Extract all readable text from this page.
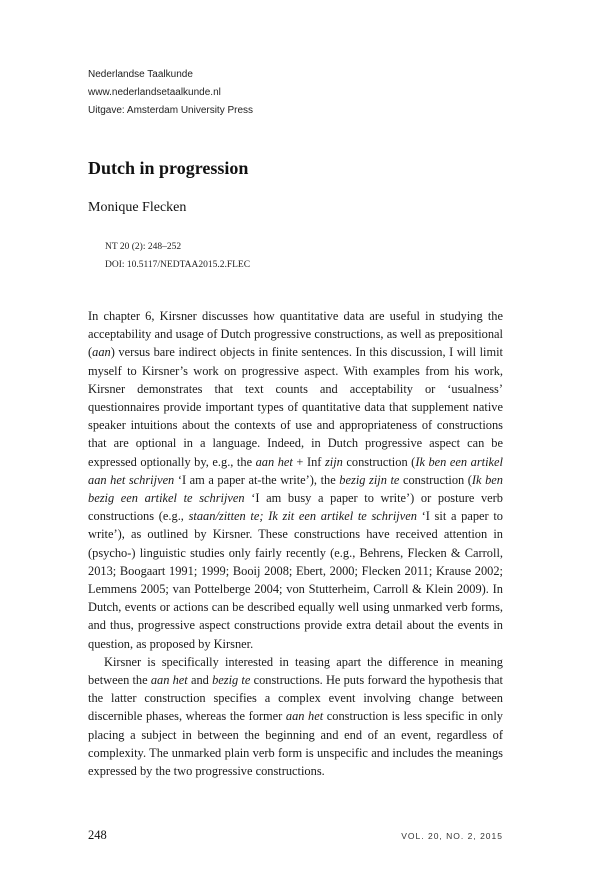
Nederlandse Taalkunde
www.nederlandsetaalkunde.nl
Uitgave: Amsterdam University Press
Dutch in progression
Monique Flecken
NT 20 (2): 248–252
DOI: 10.5117/NEDTAA2015.2.FLEC

In chapter 6, Kirsner discusses how quantitative data are useful in studying the acceptability and usage of Dutch progressive constructions, as well as prepositional (aan) versus bare indirect objects in finite sentences. In this discussion, I will limit myself to Kirsner’s work on progressive aspect. With examples from his work, Kirsner demonstrates that text counts and acceptability or ‘usualness’ questionnaires provide important types of quantitative data that supplement native speaker intuitions about the contexts of use and appropriateness of constructions that are optional in a language. Indeed, in Dutch progressive aspect can be expressed optionally by, e.g., the aan het + Inf zijn construction (Ik ben een artikel aan het schrijven ‘I am a paper at-the write’), the bezig zijn te construction (Ik ben bezig een artikel te schrijven ‘I am busy a paper to write’) or posture verb constructions (e.g., staan/zitten te; Ik zit een artikel te schrijven ‘I sit a paper to write’), as outlined by Kirsner. These constructions have received attention in (psycho-) linguistic studies only fairly recently (e.g., Behrens, Flecken & Carroll, 2013; Boogaart 1991; 1999; Booij 2008; Ebert, 2000; Flecken 2011; Krause 2002; Lemmens 2005; van Pottelberge 2004; von Stutterheim, Carroll & Klein 2009). In Dutch, events or actions can be described equally well using unmarked verb forms, and thus, progressive aspect constructions provide extra detail about the events in question, as proposed by Kirsner.

Kirsner is specifically interested in teasing apart the difference in meaning between the aan het and bezig te constructions. He puts forward the hypothesis that the latter construction specifies a complex event involving change between discernible phases, whereas the former aan het construction is less specific in only placing a subject in between the beginning and end of an event, regardless of complexity. The unmarked plain verb form is unspecific and includes the meanings expressed by the two progressive constructions.

248	VOL. 20, NO. 2, 2015
